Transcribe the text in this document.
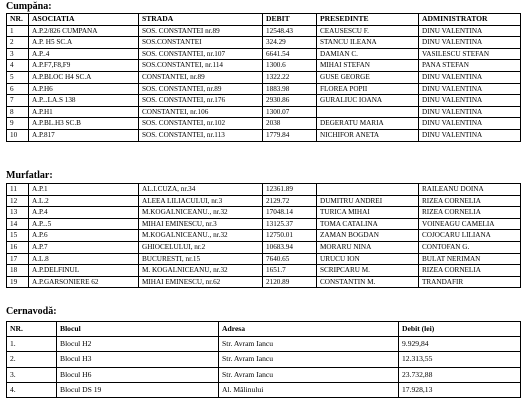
Cumpăna:
NR.	ASOCIATIA	STRADA	DEBIT	PRESEDINTE	ADMINISTRATOR
1	A.P.2/826 CUMPANA	SOS. CONSTANTEI nr.89	12548.43	CEAUSESCU F.	DINU VALENTINA
2	A.P. H5 SC.A	SOS.CONSTANTEI	324.29	STANCU ILEANA	DINU VALENTINA
3	A.P..4	SOS. CONSTANTEI, nr.107	6641.54	DAMIAN C.	VASILESCU STEFAN
4	A.P.F7,F8,F9	SOS.CONSTANTEI, nr.114	1300.6	MIHAI STEFAN	PANA STEFAN
5	A.P.BLOC H4 SC.A	CONSTANTEI, nr.89	1322.22	GUSE GEORGE	DINU VALENTINA
6	A.P.H6	SOS. CONSTANTEI, nr.89	1883.98	FLOREA POPII	DINU VALENTINA
7	A.P...LA.S 138	SOS. CONSTANTEI, nr.176	2930.86	GURALIUC IOANA	DINU VALENTINA
8	A.P.H1	CONSTANTEI, nr.106	1300.07		DINU VALENTINA
9	A.P.BL.H3 SC.B	SOS. CONSTANTEI, nr.102	2038	DEGERATU MARIA	DINU VALENTINA
10	A.P.817	SOS. CONSTANTEI, nr.113	1779.84	NICHIFOR ANETA	DINU VALENTINA
Murfatlar:
11	A.P.1	AL.I.CUZA, nr.34	12361.89		RAILEANU DOINA
12	A.L.2	ALEEA LILIACULUI, nr.3	2129.72	DUMITRU ANDREI	RIZEA CORNELIA
13	A.P.4	M.KOGALNICEANU., nr.32	17048.14	TURICA MIHAI	RIZEA CORNELIA
14	A.P...5	MIHAI EMINESCU, nr.3	13125.37	TOMA CATALINA	VOINEAGU CAMELIA
15	A.P.6	M.KOGALNICEANU., nr.32	12750.01	ZAMAN BOGDAN	COJOCARU LILIANA
16	A.P.7	GHIOCELULUI, nr.2	10683.94	MORARU NINA	CONTOFAN G.
17	A.L.8	BUCURESTI, nr.15	7640.65	URUCU ION	BULAT NERIMAN
18	A.P.DELFINUL	M. KOGALNICEANU, nr.32	1651.7	SCRIPCARU M.	RIZEA CORNELIA
19	A.P.GARSONIERE 62	MIHAI EMINESCU, nr.62	2120.89	CONSTANTIN M.	TRANDAFIR
Cernavodă:
NR.	Blocul	Adresa	Debit (lei)
1.	Blocul H2	Str. Avram Iancu	9.929,84
2.	Blocul H3	Str. Avram Iancu	12.313,55
3.	Blocul H6	Str. Avram Iancu	23.732,88
4.	Blocul DS 19	Al. Mălinului	17.928,13
